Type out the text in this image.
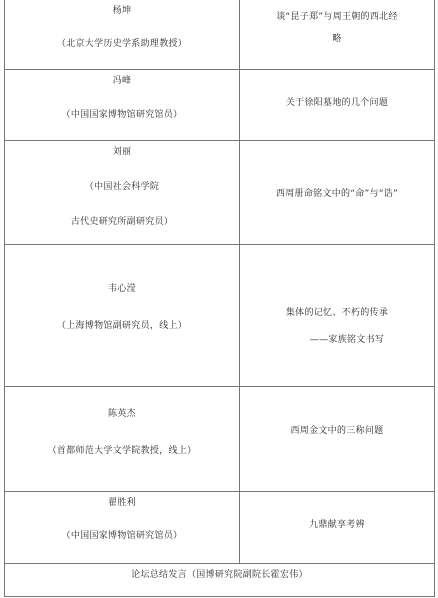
杨坤
（北京大学历史学系助理教授）	谈“昆子郑”与周王朝的西北经
略

冯峰
（中国国家博物馆研究馆员）	关于徐阳墓地的几个问题

刘丽
（中国社会科学院
古代史研究所副研究员）	西周册命铭文中的“命”与“诰”

韦心滢
（上海博物馆副研究员，线上）	集体的记忆、不朽的传承
——家族铭文书写

陈英杰
（首都师范大学文学院教授，线上）	西周金文中的三称问题

翟胜利
（中国国家博物馆研究馆员）	九鼎献享考辨

论坛总结发言（国博研究院副院长霍宏伟）	
